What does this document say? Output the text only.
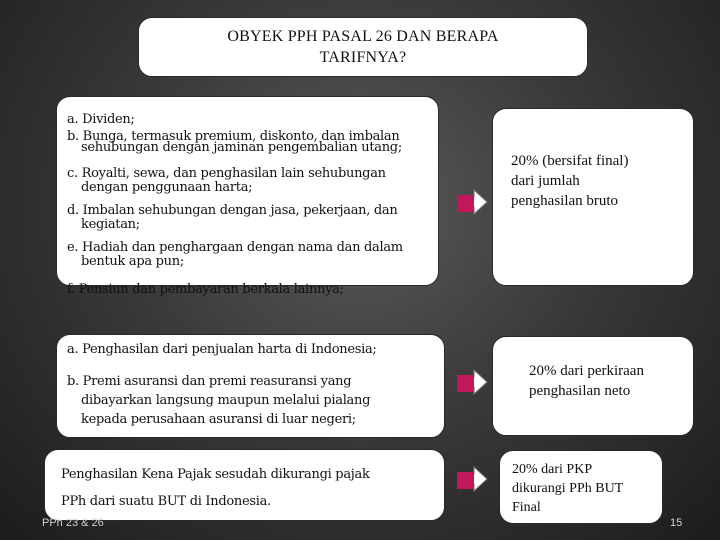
OBYEK PPH PASAL 26 DAN BERAPA
TARIFNYA?
a. Dividen;
b. Bunga, termasuk premium, diskonto, dan imbalan
sehubungan dengan jaminan pengembalian utang;
c. Royalti, sewa, dan penghasilan lain sehubungan
dengan penggunaan harta;
d. Imbalan sehubungan dengan jasa, pekerjaan, dan
kegiatan;
e. Hadiah dan penghargaan dengan nama dan dalam
bentuk apa pun;
f. Pensiun dan pembayaran berkala lainnya;
20% (bersifat final)
dari jumlah
penghasilan bruto
a. Penghasilan dari penjualan harta di Indonesia;
b. Premi asuransi dan premi reasuransi yang
dibayarkan langsung maupun melalui pialang
kepada perusahaan asuransi di luar negeri;
20% dari perkiraan
penghasilan neto
Penghasilan Kena Pajak sesudah dikurangi pajak
PPh dari suatu BUT di Indonesia.
20% dari PKP
dikurangi PPh BUT
Final
PPh 23 & 26	15
